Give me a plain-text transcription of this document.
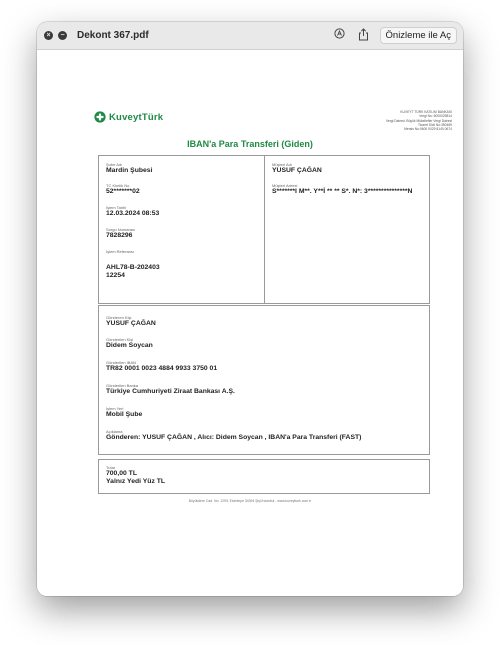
×	− Dekont 367.pdf	Önizleme ile Aç
KuveytTürk	KUVEYT TÜRK KATILIM BANKASI
Vergi No: 6000029814
Vergi Dairesi: Büyük Mükellefler Vergi Dairesi
Ticaret Sicil No:350469
Mersis No:0600 0029 8140 0674
IBAN'a Para Transferi (Giden)
Şube Adı
Mardin Şubesi
TC Kimlik No
52*******02
İşlem Tarihi
12.03.2024 08:53
Sorgu Numarası
7828296
İşlem Referansı
AHL78-B-202403
12254
Müşteri Adı
YUSUF ÇAĞAN
Müşteri Adresi
S*******I M**. Y**İ ** ** S*. N*: 3***************N
Gönderen Kişi
YUSUF ÇAĞAN
Gönderilen Kişi
Didem Soycan
Gönderilen IBAN
TR82 0001 0023 4884 9933 3750 01
Gönderilen Banka
Türkiye Cumhuriyeti Ziraat Bankası A.Ş.
İşlem Yeri
Mobil Şube
Açıklama
Gönderen: YUSUF ÇAĞAN , Alıcı: Didem Soycan , IBAN'a Para Transferi (FAST)
Tutar
700,00 TL
Yalnız Yedi Yüz TL
Büyükdere Cad. No: 129/1 Esentepe 34394 Şişli İstanbul - www.kuveytturk.com.tr
